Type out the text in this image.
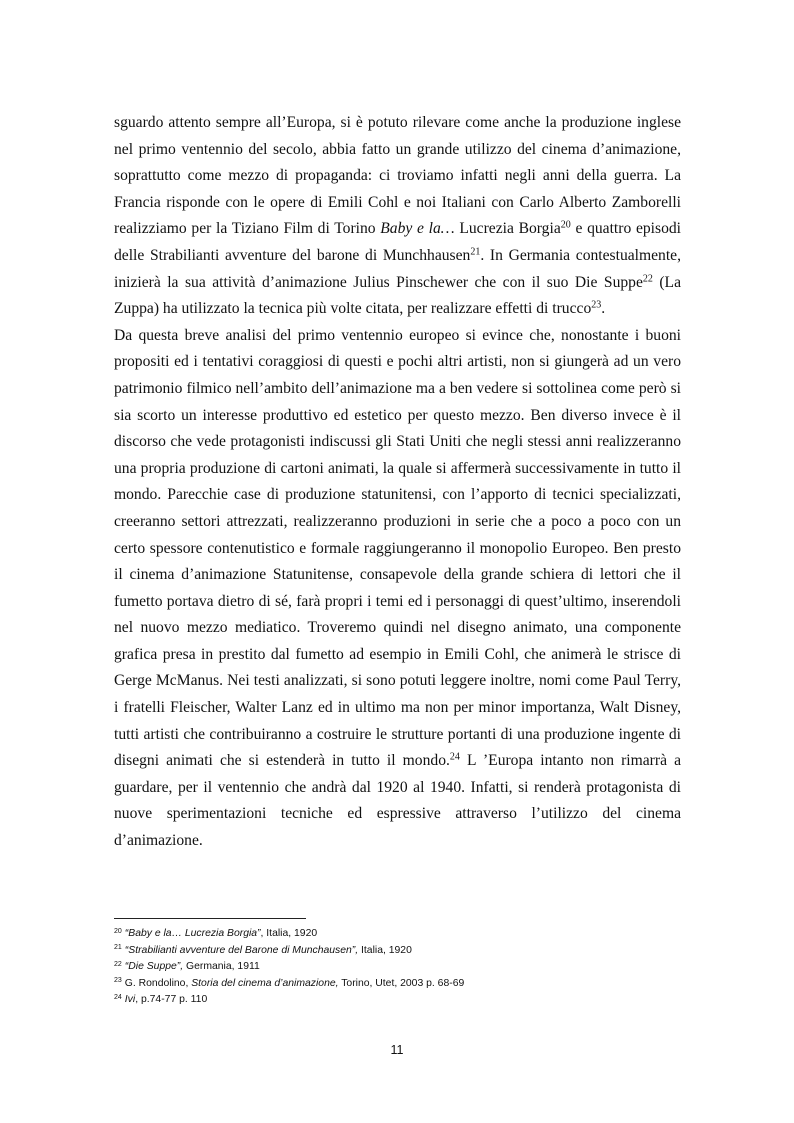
sguardo attento sempre all’Europa, si è potuto rilevare come anche la produzione inglese nel primo ventennio del secolo, abbia fatto un grande utilizzo del cinema d’animazione, soprattutto come mezzo di propaganda: ci troviamo infatti negli anni della guerra. La Francia risponde con le opere di Emili Cohl e noi Italiani con Carlo Alberto Zamborelli realizziamo per la Tiziano Film di Torino Baby e la… Lucrezia Borgia$^{20}$ e quattro episodi delle Strabilianti avventure del barone di Munchhausen$^{21}$. In Germania contestualmente, inizierà la sua attività d’animazione Julius Pinschewer che con il suo Die Suppe$^{22}$ (La Zuppa) ha utilizzato la tecnica più volte citata, per realizzare effetti di trucco$^{23}$.

Da questa breve analisi del primo ventennio europeo si evince che, nonostante i buoni propositi ed i tentativi coraggiosi di questi e pochi altri artisti, non si giungerà ad un vero patrimonio filmico nell’ambito dell’animazione ma a ben vedere si sottolinea come però si sia scorto un interesse produttivo ed estetico per questo mezzo. Ben diverso invece è il discorso che vede protagonisti indiscussi gli Stati Uniti che negli stessi anni realizzeranno una propria produzione di cartoni animati, la quale si affermerà successivamente in tutto il mondo. Parecchie case di produzione statunitensi, con l’apporto di tecnici specializzati, creeranno settori attrezzati, realizzeranno produzioni in serie che a poco a poco con un certo spessore contenutistico e formale raggiungeranno il monopolio Europeo. Ben presto il cinema d’animazione Statunitense, consapevole della grande schiera di lettori che il fumetto portava dietro di sé, farà propri i temi ed i personaggi di quest’ultimo, inserendoli nel nuovo mezzo mediatico. Troveremo quindi nel disegno animato, una componente grafica presa in prestito dal fumetto ad esempio in Emili Cohl, che animerà le strisce di Gerge McManus. Nei testi analizzati, si sono potuti leggere inoltre, nomi come Paul Terry, i fratelli Fleischer, Walter Lanz ed in ultimo ma non per minor importanza, Walt Disney, tutti artisti che contribuiranno a costruire le strutture portanti di una produzione ingente di disegni animati che si estenderà in tutto il mondo.$^{24}$ L ’Europa intanto non rimarrà a guardare, per il ventennio che andrà dal 1920 al 1940. Infatti, si renderà protagonista di nuove sperimentazioni tecniche ed espressive attraverso l’utilizzo del cinema d’animazione.

$^{20}$ “Baby e la… Lucrezia Borgia”, Italia, 1920
$^{21}$ “Strabilianti avventure del Barone di Munchausen”, Italia, 1920
$^{22}$ “Die Suppe”, Germania, 1911
$^{23}$ G. Rondolino, Storia del cinema d’animazione, Torino, Utet, 2003 p. 68-69
$^{24}$ Ivi, p.74-77 p. 110
11
